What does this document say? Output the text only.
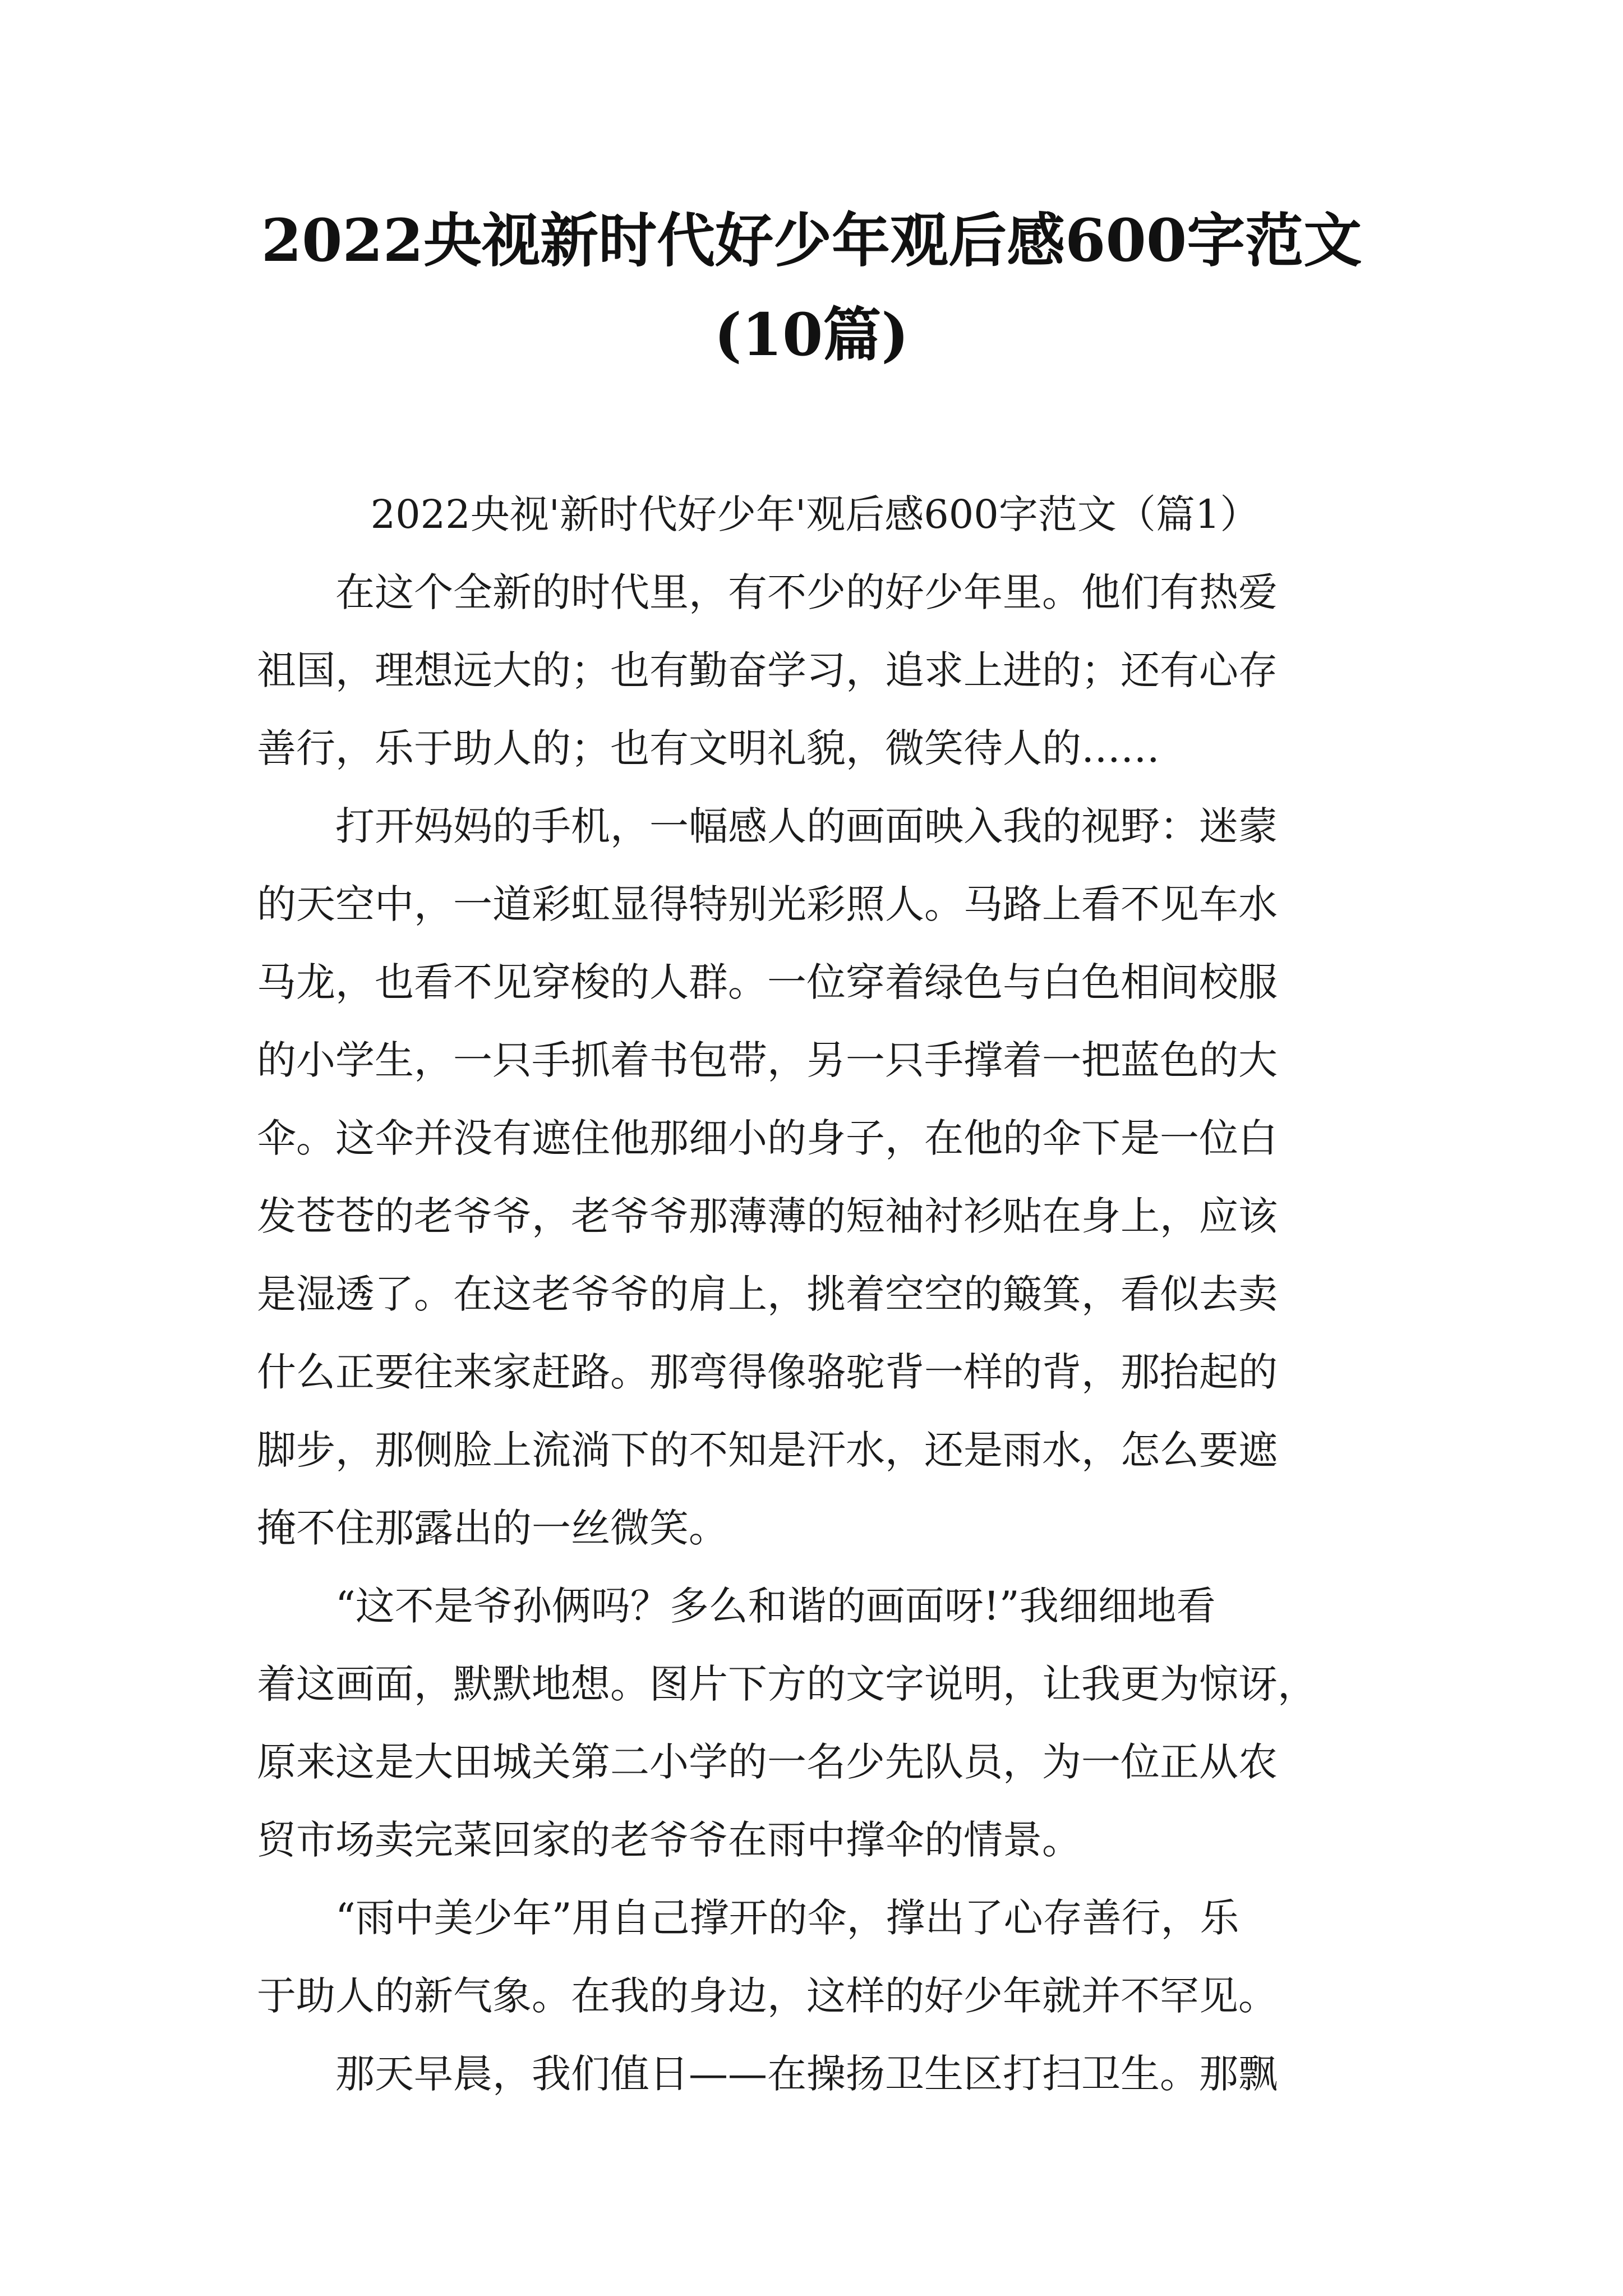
2022央视新时代好少年观后感600字范文
(10篇)
2022央视'新时代好少年'观后感600字范文（篇1）
在这个全新的时代里，有不少的好少年里。他们有热爱
祖国，理想远大的；也有勤奋学习，追求上进的；还有心存
善行，乐于助人的；也有文明礼貌，微笑待人的……
打开妈妈的手机，一幅感人的画面映入我的视野：迷蒙
的天空中，一道彩虹显得特别光彩照人。马路上看不见车水
马龙，也看不见穿梭的人群。一位穿着绿色与白色相间校服
的小学生，一只手抓着书包带，另一只手撑着一把蓝色的大
伞。这伞并没有遮住他那细小的身子，在他的伞下是一位白
发苍苍的老爷爷，老爷爷那薄薄的短袖衬衫贴在身上，应该
是湿透了。在这老爷爷的肩上，挑着空空的簸箕，看似去卖
什么正要往来家赶路。那弯得像骆驼背一样的背，那抬起的
脚步，那侧脸上流淌下的不知是汗水，还是雨水，怎么要遮
掩不住那露出的一丝微笑。
“这不是爷孙俩吗？多么和谐的画面呀!”我细细地看
着这画面，默默地想。图片下方的文字说明，让我更为惊讶，
原来这是大田城关第二小学的一名少先队员，为一位正从农
贸市场卖完菜回家的老爷爷在雨中撑伞的情景。
“雨中美少年”用自己撑开的伞，撑出了心存善行，乐
于助人的新气象。在我的身边，这样的好少年就并不罕见。
那天早晨，我们值日——在操扬卫生区打扫卫生。那飘
